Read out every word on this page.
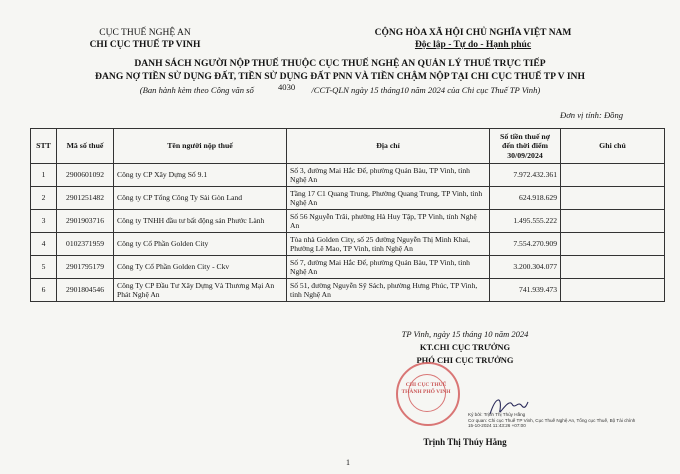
CỤC THUẾ NGHỆ AN
CHI CỤC THUẾ TP VINH
CỘNG HÒA XÃ HỘI CHỦ NGHĨA VIỆT NAM
Độc lập - Tự do - Hạnh phúc
DANH SÁCH NGƯỜI NỘP THUẾ THUỘC CỤC THUẾ NGHỆ AN QUẢN LÝ THUẾ TRỰC TIẾP
ĐANG NỢ TIỀN SỬ DỤNG ĐẤT, TIỀN SỬ DỤNG ĐẤT PNN VÀ TIỀN CHẬM NỘP TẠI CHI CỤC THUẾ TP V INH
(Ban hành kèm theo Công văn số	4030 /CCT-QLN ngày 15 tháng10 năm 2024 của Chi cục Thuế TP Vinh)
Đơn vị tính: Đồng
STT	Mã số thuế	Tên người nộp thuế	Địa chỉ	Số tiền thuế nợ đến thời điểm 30/09/2024	Ghi chú
1	2900601092	Công ty CP Xây Dựng Số 9.1	Số 3, đường Mai Hắc Đế, phường Quán Bàu, TP Vinh, tỉnh Nghệ An	7.972.432.361	
2	2901251482	Công ty CP Tổng Công Ty Sài Gòn Land	Tầng 17 C1 Quang Trung, Phường Quang Trung, TP Vinh, tỉnh Nghệ An	624.918.629	
3	2901903716	Công ty TNHH đầu tư bất động sản Phước Lành	Số 56 Nguyễn Trãi, phường Hà Huy Tập, TP Vinh, tỉnh Nghệ An	1.495.555.222	
4	0102371959	Công ty Cổ Phần Golden City	Tòa nhà Golden City, số 25 đường Nguyễn Thị Minh Khai, Phường Lê Mao, TP Vinh, tỉnh Nghệ An	7.554.270.909	
5	2901795179	Công Ty Cổ Phần Golden City - Ckv	Số 7, đường Mai Hắc Đế, phường Quán Bàu, TP Vinh, tỉnh Nghệ An	3.200.304.077	
6	2901804546	Công Ty CP Đầu Tư Xây Dựng Và Thương Mại An Phát Nghệ An	Số 51, đường Nguyễn Sỹ Sách, phường Hưng Phúc, TP Vinh, tỉnh Nghệ An	741.939.473	
TP Vinh, ngày 15 tháng 10 năm 2024
KT.CHI CỤC TRƯỞNG
PHÓ CHI CỤC TRƯỞNG
CHI CỤC THUẾ THÀNH PHỐ VINH
Ký bởi: Trịnh Thị Thúy Hằng
Cơ quan: Chi cục Thuế TP Vinh, Cục Thuế Nghệ An, Tổng cục Thuế, Bộ Tài chính
15-10-2024 11:43:26 +07:00
Trịnh Thị Thúy Hằng
1
